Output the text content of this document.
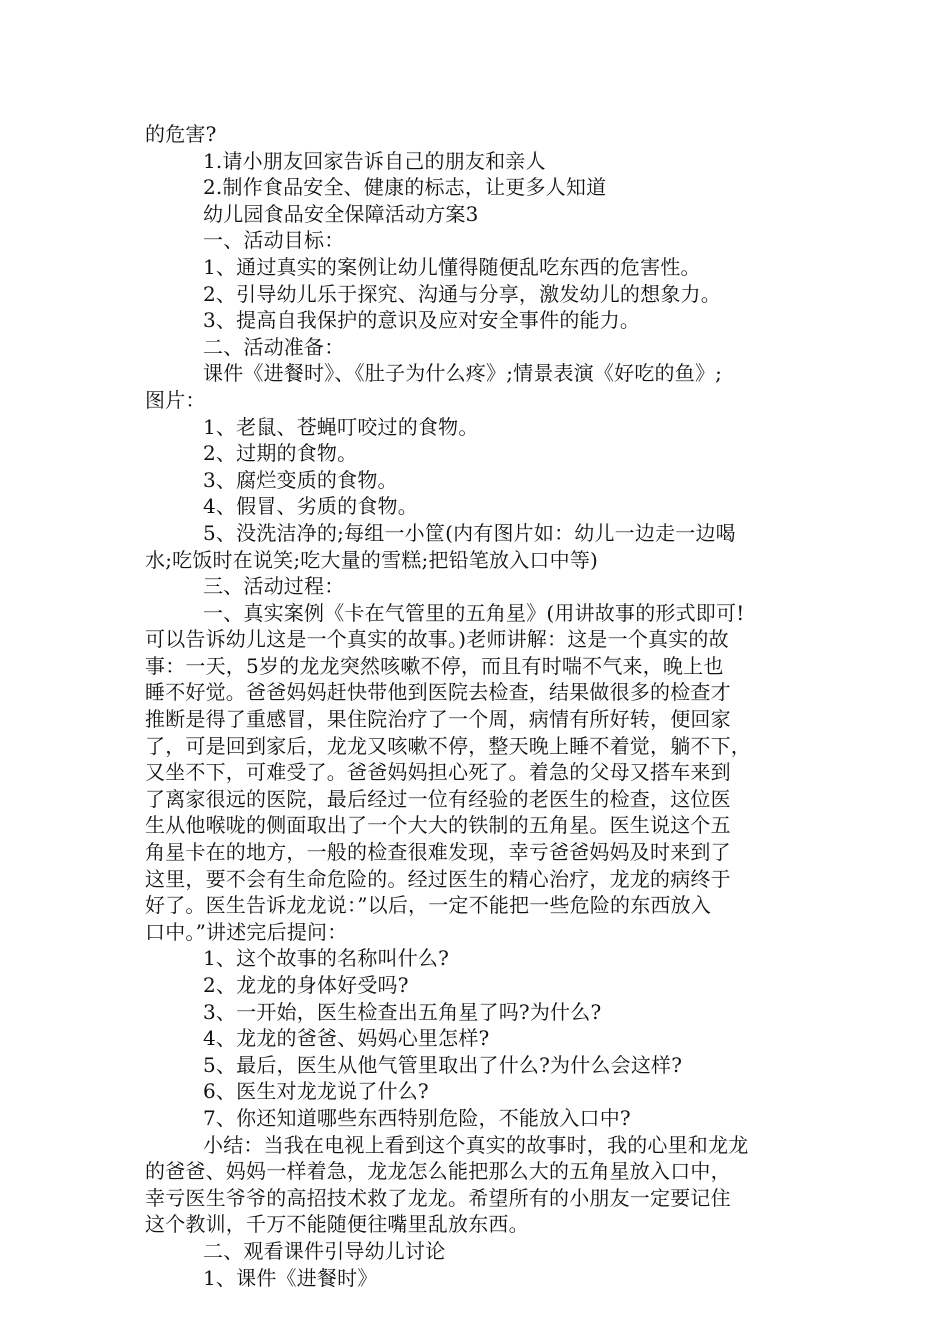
的危害?
1.请小朋友回家告诉自己的朋友和亲人
2.制作食品安全、健康的标志，让更多人知道
幼儿园食品安全保障活动方案3
一、活动目标：
1、通过真实的案例让幼儿懂得随便乱吃东西的危害性。
2、引导幼儿乐于探究、沟通与分享，激发幼儿的想象力。
3、提高自我保护的意识及应对安全事件的能力。
二、活动准备：
课件《进餐时》、《肚子为什么疼》;情景表演《好吃的鱼》;
图片：
1、老鼠、苍蝇叮咬过的食物。
2、过期的食物。
3、腐烂变质的食物。
4、假冒、劣质的食物。
5、没洗洁净的;每组一小筐(内有图片如：幼儿一边走一边喝
水;吃饭时在说笑;吃大量的雪糕;把铅笔放入口中等)
三、活动过程：
一、真实案例《卡在气管里的五角星》(用讲故事的形式即可!
可以告诉幼儿这是一个真实的故事。)老师讲解：这是一个真实的故
事：一天，5岁的龙龙突然咳嗽不停，而且有时喘不气来，晚上也
睡不好觉。爸爸妈妈赶快带他到医院去检查，结果做很多的检查才
推断是得了重感冒，果住院治疗了一个周，病情有所好转，便回家
了，可是回到家后，龙龙又咳嗽不停，整天晚上睡不着觉，躺不下，
又坐不下，可难受了。爸爸妈妈担心死了。着急的父母又搭车来到
了离家很远的医院，最后经过一位有经验的老医生的检查，这位医
生从他喉咙的侧面取出了一个大大的铁制的五角星。医生说这个五
角星卡在的地方，一般的检查很难发现，幸亏爸爸妈妈及时来到了
这里，要不会有生命危险的。经过医生的精心治疗，龙龙的病终于
好了。医生告诉龙龙说：”以后，一定不能把一些危险的东西放入
口中。”讲述完后提问：
1、这个故事的名称叫什么?
2、龙龙的身体好受吗?
3、一开始，医生检查出五角星了吗?为什么?
4、龙龙的爸爸、妈妈心里怎样?
5、最后，医生从他气管里取出了什么?为什么会这样?
6、医生对龙龙说了什么?
7、你还知道哪些东西特别危险，不能放入口中?
小结：当我在电视上看到这个真实的故事时，我的心里和龙龙
的爸爸、妈妈一样着急，龙龙怎么能把那么大的五角星放入口中，
幸亏医生爷爷的高招技术救了龙龙。希望所有的小朋友一定要记住
这个教训，千万不能随便往嘴里乱放东西。
二、观看课件引导幼儿讨论
1、课件《进餐时》
